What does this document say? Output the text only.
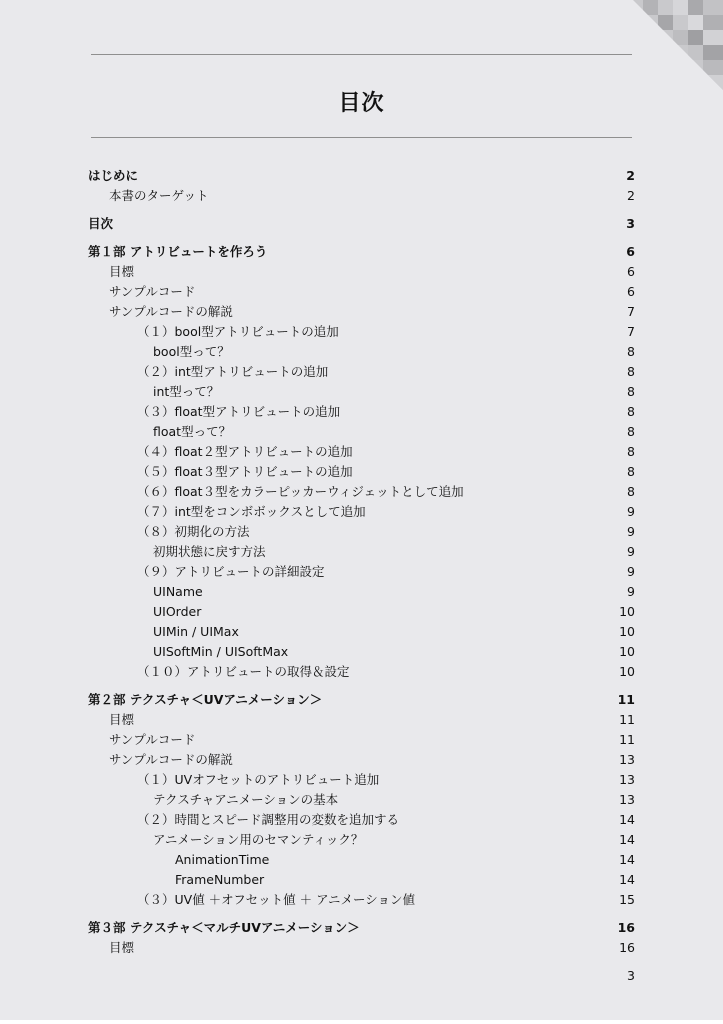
目次
はじめに	2
本書のターゲット	2
目次	3
第１部 アトリビュートを作ろう	6
目標	6
サンプルコード	6
サンプルコードの解説	7
（１）bool型アトリビュートの追加	7
bool型って？	8
（２）int型アトリビュートの追加	8
int型って？	8
（３）float型アトリビュートの追加	8
float型って？	8
（４）float２型アトリビュートの追加	8
（５）float３型アトリビュートの追加	8
（６）float３型をカラーピッカーウィジェットとして追加	8
（７）int型をコンボボックスとして追加	9
（８）初期化の方法	9
初期状態に戻す方法	9
（９）アトリビュートの詳細設定	9
UIName	9
UIOrder	10
UIMin / UIMax	10
UISoftMin / UISoftMax	10
（１０）アトリビュートの取得＆設定	10
第２部 テクスチャ＜UVアニメーション＞	11
目標	11
サンプルコード	11
サンプルコードの解説	13
（１）UVオフセットのアトリビュート追加	13
テクスチャアニメーションの基本	13
（２）時間とスピード調整用の変数を追加する	14
アニメーション用のセマンティック？	14
AnimationTime	14
FrameNumber	14
（３）UV値 ＋オフセット値 ＋ アニメーション値	15
第３部 テクスチャ＜マルチUVアニメーション＞	16
目標	16
3
